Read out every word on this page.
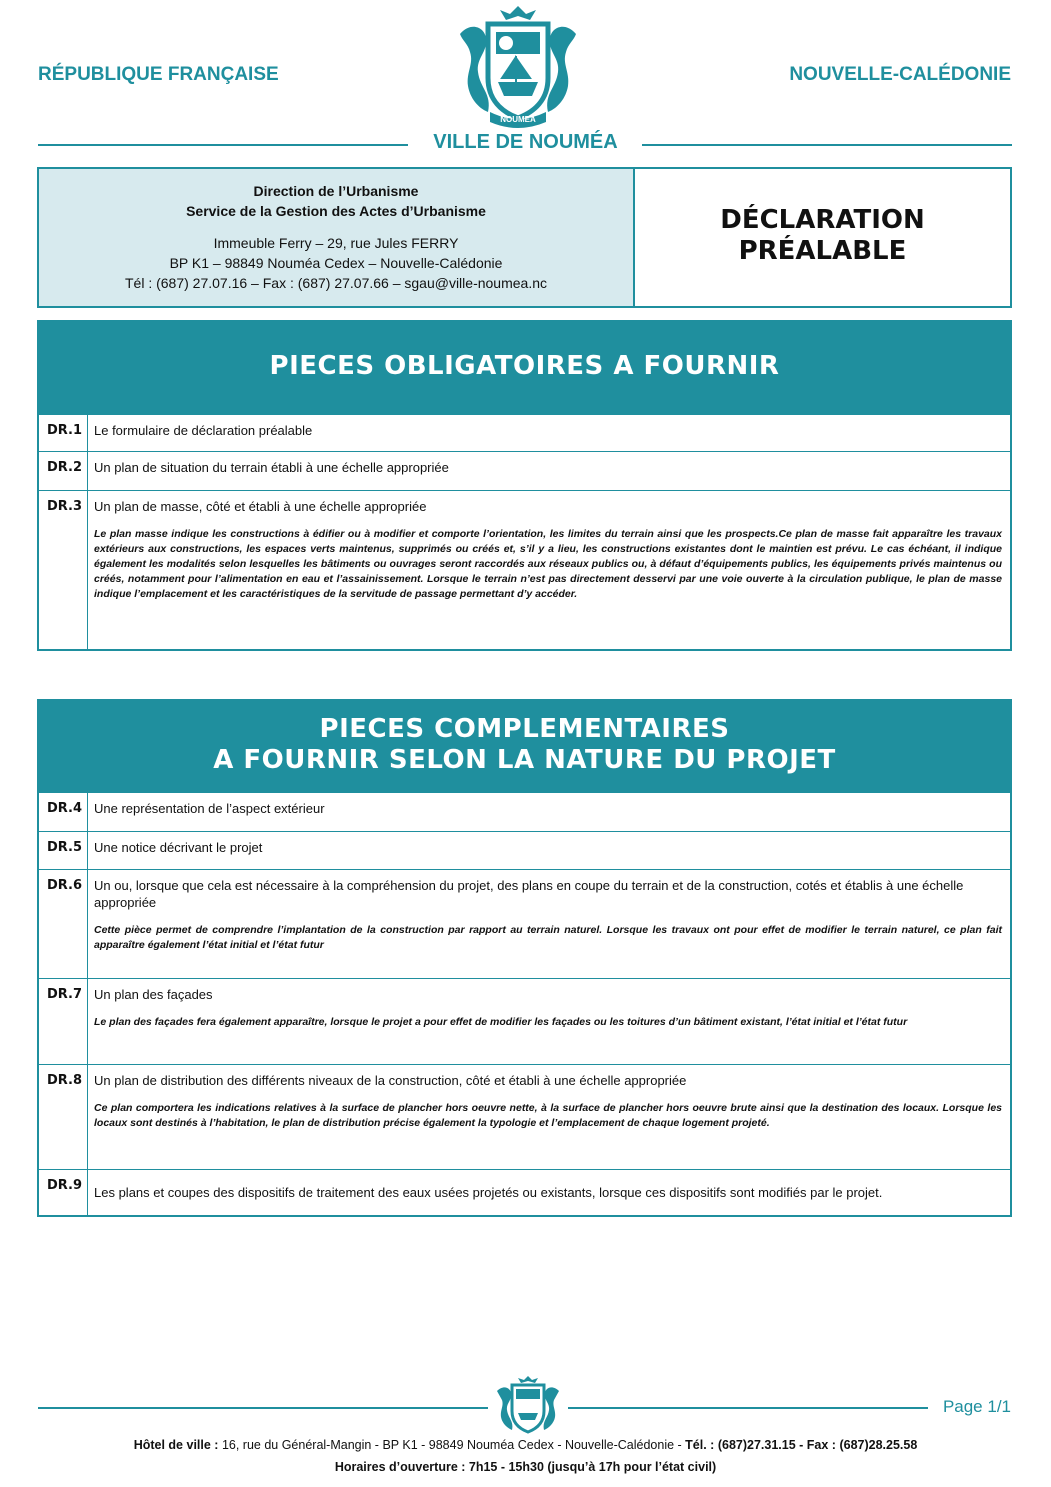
RÉPUBLIQUE FRANÇAISE	NOUVELLE-CALÉDONIE
NOUMEA
VILLE DE NOUMÉA
Direction de l’Urbanisme
Service de la Gestion des Actes d’Urbanisme
Immeuble Ferry – 29, rue Jules FERRY
BP K1 – 98849 Nouméa Cedex – Nouvelle-Calédonie
Tél : (687) 27.07.16 – Fax : (687) 27.07.66 – sgau@ville-noumea.nc
DÉCLARATION
PRÉALABLE
PIECES OBLIGATOIRES A FOURNIR
DR.1 Le formulaire de déclaration préalable
DR.2 Un plan de situation du terrain établi à une échelle appropriée
DR.3 Un plan de masse, côté et établi à une échelle appropriée
Le plan masse indique les constructions à édifier ou à modifier et comporte l’orientation, les limites du terrain ainsi que les prospects.Ce plan de masse fait apparaître les travaux extérieurs aux constructions, les espaces verts maintenus, supprimés ou créés et, s’il y a lieu, les constructions existantes dont le maintien est prévu. Le cas échéant, il indique également les modalités selon lesquelles les bâtiments ou ouvrages seront raccordés aux réseaux publics ou, à défaut d’équipements publics, les équipements privés maintenus ou créés, notamment pour l’alimentation en eau et l’assainissement. Lorsque le terrain n’est pas directement desservi par une voie ouverte à la circulation publique, le plan de masse indique l’emplacement et les caractéristiques de la servitude de passage permettant d’y accéder.
PIECES COMPLEMENTAIRES
A FOURNIR SELON LA NATURE DU PROJET
DR.4 Une représentation de l’aspect extérieur
DR.5 Une notice décrivant le projet
DR.6 Un ou, lorsque que cela est nécessaire à la compréhension du projet, des plans en coupe du terrain et de la construction, cotés et établis à une échelle appropriée
Cette pièce permet de comprendre l’implantation de la construction par rapport au terrain naturel. Lorsque les travaux ont pour effet de modifier le terrain naturel, ce plan fait apparaître également l’état initial et l’état futur
DR.7 Un plan des façades
Le plan des façades fera également apparaître, lorsque le projet a pour effet de modifier les façades ou les toitures d’un bâtiment existant, l’état initial et l’état futur
DR.8 Un plan de distribution des différents niveaux de la construction, côté et établi à une échelle appropriée
Ce plan comportera les indications relatives à la surface de plancher hors oeuvre nette, à la surface de plancher hors oeuvre brute ainsi que la destination des locaux. Lorsque les locaux sont destinés à l’habitation, le plan de distribution précise également la typologie et l’emplacement de chaque logement projeté.
DR.9 Les plans et coupes des dispositifs de traitement des eaux usées projetés ou existants, lorsque ces dispositifs sont modifiés par le projet.
Page 1/1
Hôtel de ville : 16, rue du Général-Mangin - BP K1 - 98849 Nouméa Cedex - Nouvelle-Calédonie - Tél. : (687)27.31.15 - Fax : (687)28.25.58
Horaires d’ouverture : 7h15 - 15h30 (jusqu’à 17h pour l’état civil)
